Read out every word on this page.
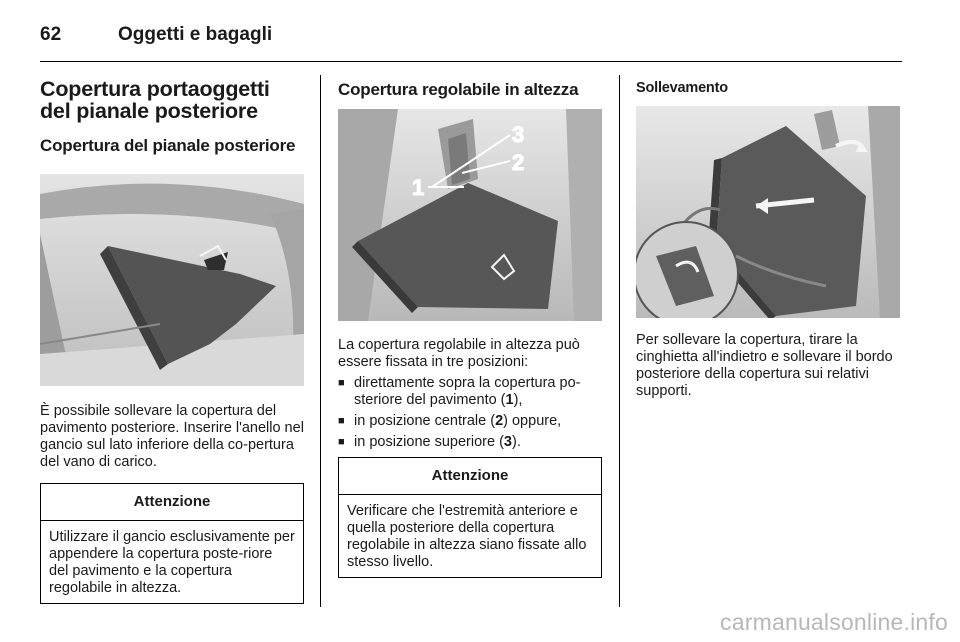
62	Oggetti e bagagli
Copertura portaoggetti del pianale posteriore
Copertura del pianale posteriore

È possibile sollevare la copertura del pavimento posteriore. Inserire l'anello nel gancio sul lato inferiore della co-pertura del vano di carico.

Attenzione
Utilizzare il gancio esclusivamente per appendere la copertura poste-riore del pavimento e la copertura regolabile in altezza.
Copertura regolabile in altezza
3
2
1

La copertura regolabile in altezza può essere fissata in tre posizioni:

■ direttamente sopra la copertura po-steriore del pavimento (1),
■ in posizione centrale (2) oppure,
■ in posizione superiore (3).
Attenzione
Verificare che l'estremità anteriore e quella posteriore della copertura regolabile in altezza siano fissate allo stesso livello.
Sollevamento

Per sollevare la copertura, tirare la cinghietta all'indietro e sollevare il bordo posteriore della copertura sui relativi supporti.

carmanualsonline.info
